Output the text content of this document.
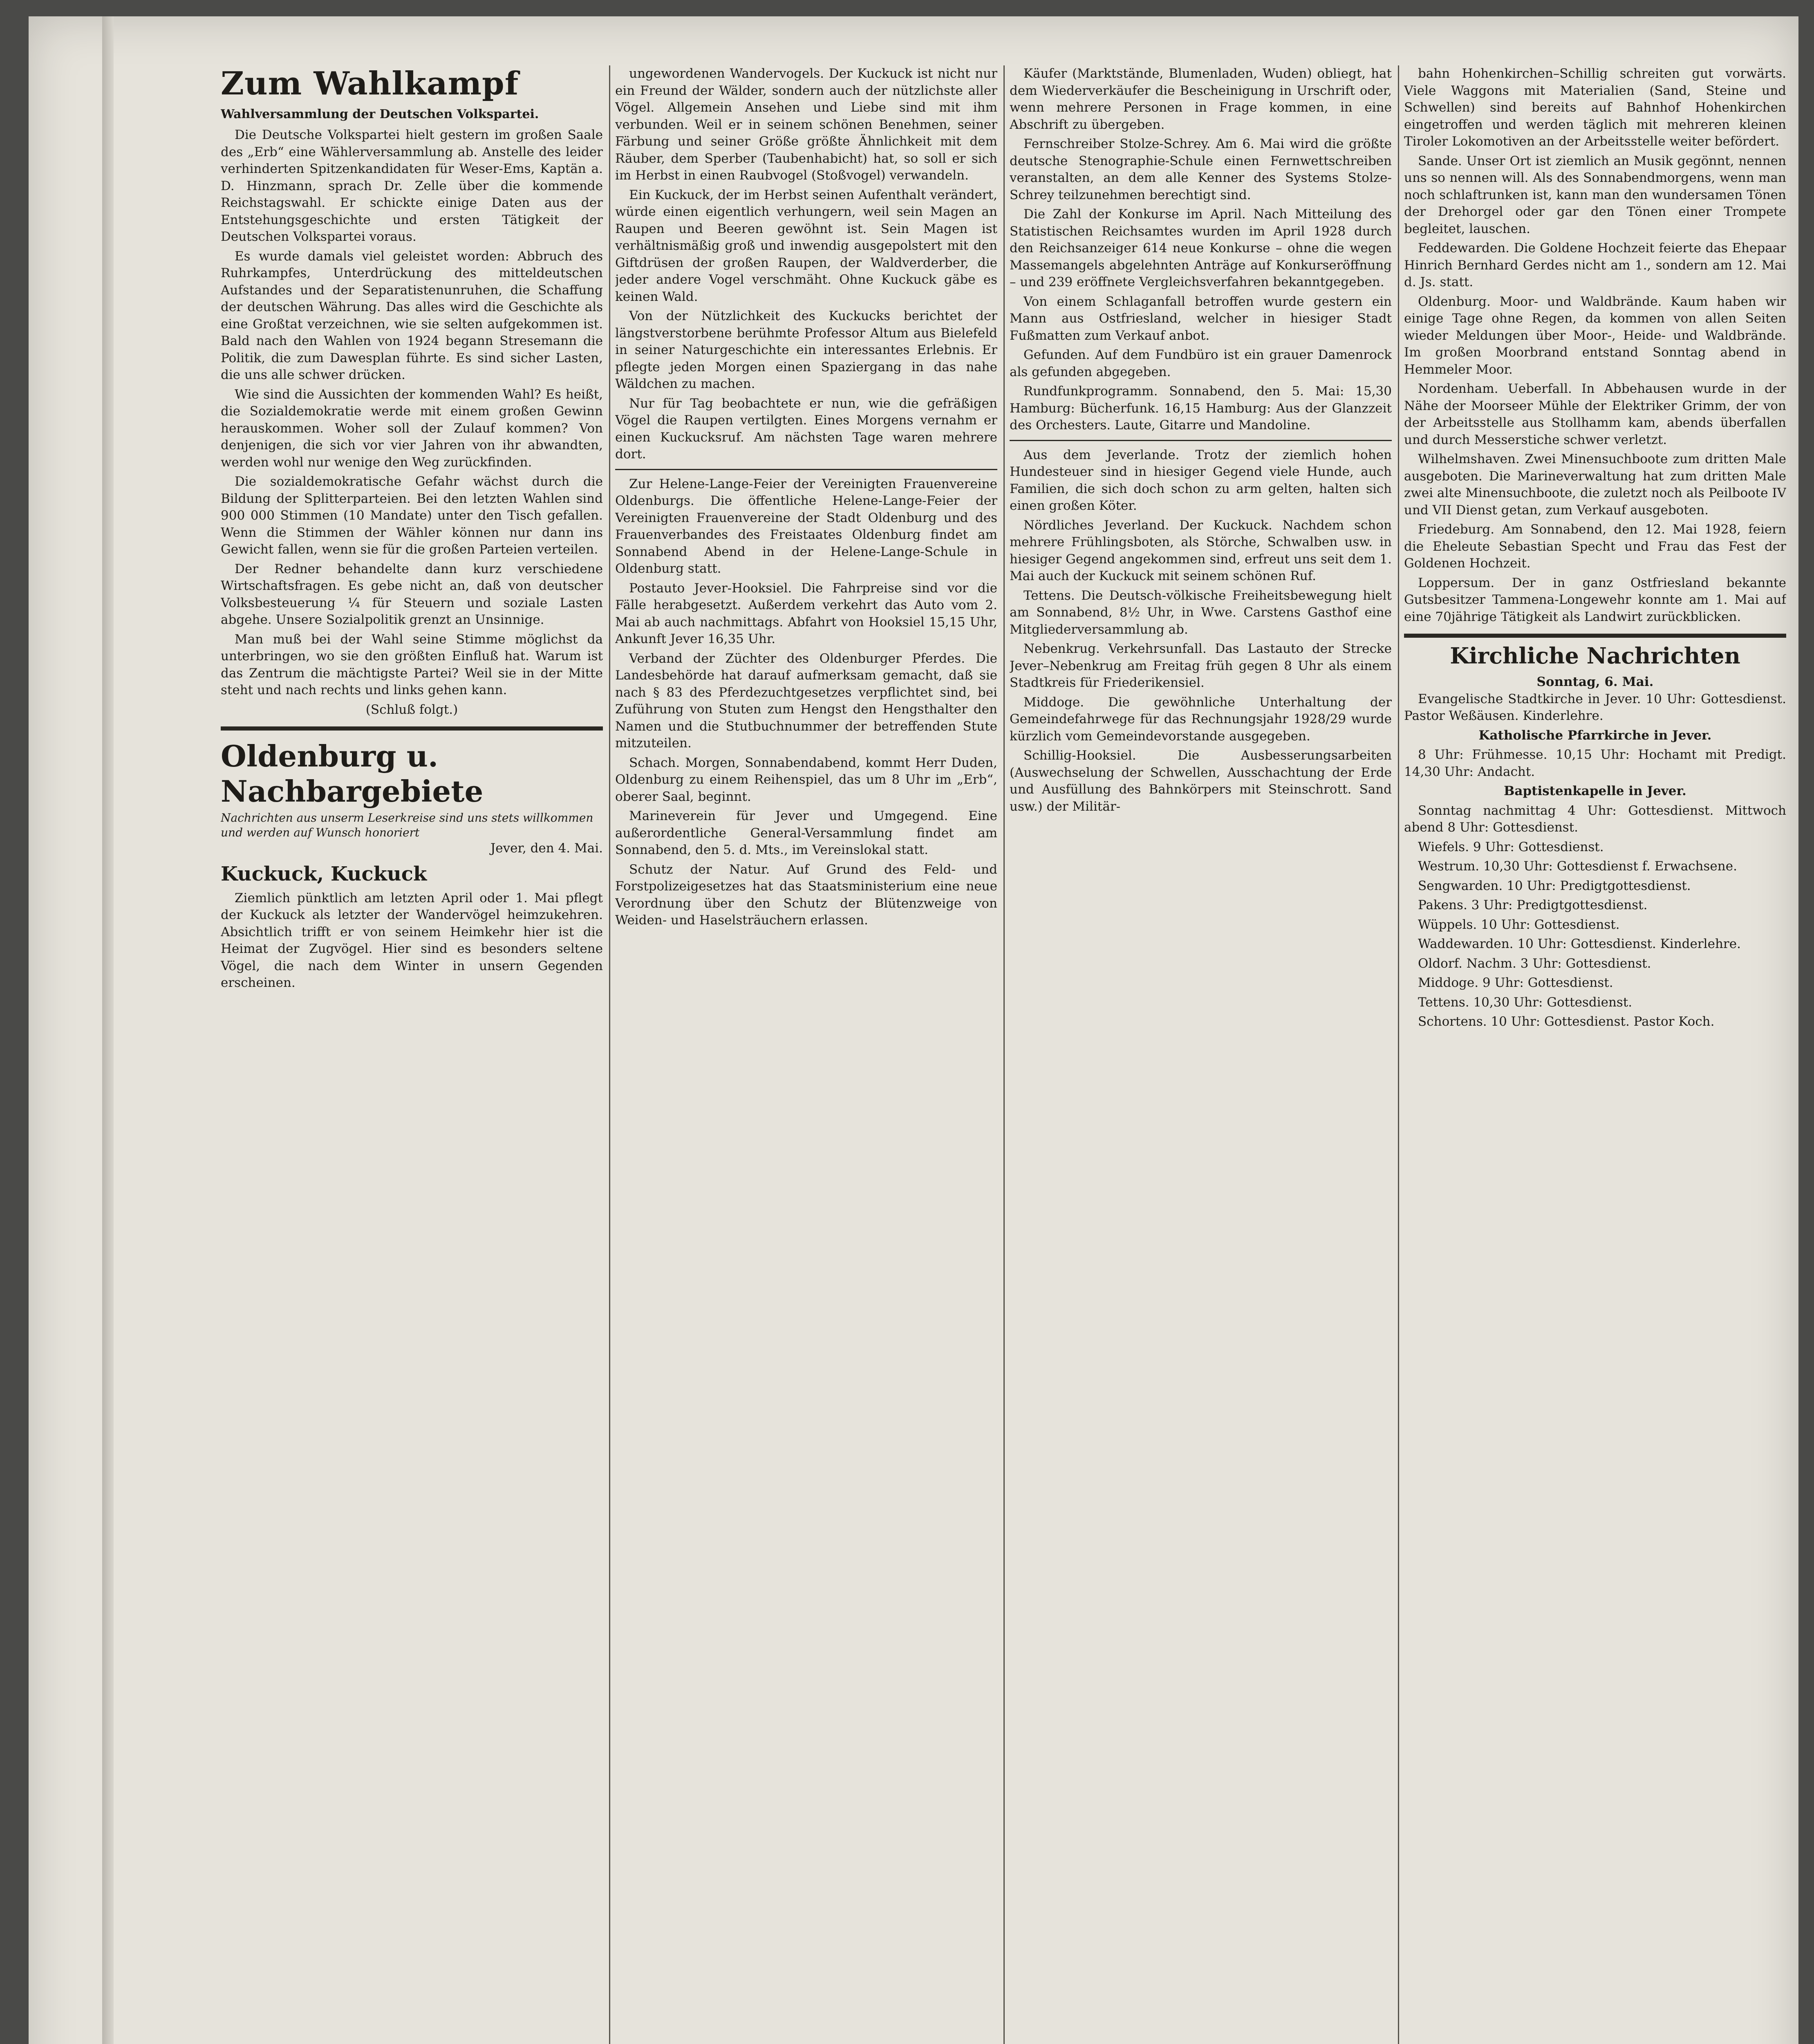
Zum Wahlkampf
Wahlversammlung der Deutschen Volkspartei.

Die Deutsche Volkspartei hielt gestern im großen Saale des „Erb“ eine Wählerversammlung ab. Anstelle des leider verhinderten Spitzenkandidaten für Weser-Ems, Kaptän a. D. Hinzmann, sprach Dr. Zelle über die kommende Reichstagswahl. Er schickte einige Daten aus der Entstehungsgeschichte und ersten Tätigkeit der Deutschen Volkspartei voraus.

Es wurde damals viel geleistet worden: Abbruch des Ruhrkampfes, Unterdrückung des mitteldeutschen Aufstandes und der Separatistenunruhen, die Schaffung der deutschen Währung. Das alles wird die Geschichte als eine Großtat verzeichnen, wie sie selten aufgekommen ist. Bald nach den Wahlen von 1924 begann Stresemann die Politik, die zum Dawesplan führte. Es sind sicher Lasten, die uns alle schwer drücken.

Wie sind die Aussichten der kommenden Wahl? Es heißt, die Sozialdemokratie werde mit einem großen Gewinn herauskommen. Woher soll der Zulauf kommen? Von denjenigen, die sich vor vier Jahren von ihr abwandten, werden wohl nur wenige den Weg zurückfinden.

Die sozialdemokratische Gefahr wächst durch die Bildung der Splitterparteien. Bei den letzten Wahlen sind 900 000 Stimmen (10 Mandate) unter den Tisch gefallen. Wenn die Stimmen der Wähler können nur dann ins Gewicht fallen, wenn sie für die großen Parteien verteilen.

Der Redner behandelte dann kurz verschiedene Wirtschaftsfragen. Es gebe nicht an, daß von deutscher Volksbesteuerung ¼ für Steuern und soziale Lasten abgehe. Unsere Sozialpolitik grenzt an Unsinnige.

Man muß bei der Wahl seine Stimme möglichst da unterbringen, wo sie den größten Einfluß hat. Warum ist das Zentrum die mächtigste Partei? Weil sie in der Mitte steht und nach rechts und links gehen kann.

(Schluß folgt.)

Oldenburg u. Nachbargebiete
Nachrichten aus unserm Leserkreise sind uns stets willkommen und werden auf Wunsch honoriert
Jever, den 4. Mai.
Kuckuck, Kuckuck

Ziemlich pünktlich am letzten April oder 1. Mai pflegt der Kuckuck als letzter der Wandervögel heimzukehren. Absichtlich trifft er von seinem Heimkehr hier ist die Heimat der Zugvögel. Hier sind es besonders seltene Vögel, die nach dem Winter in unsern Gegenden erscheinen.

ungewordenen Wandervogels. Der Kuckuck ist nicht nur ein Freund der Wälder, sondern auch der nützlichste aller Vögel. Allgemein Ansehen und Liebe sind mit ihm verbunden. Weil er in seinem schönen Benehmen, seiner Färbung und seiner Größe größte Ähnlichkeit mit dem Räuber, dem Sperber (Taubenhabicht) hat, so soll er sich im Herbst in einen Raubvogel (Stoßvogel) verwandeln.

Ein Kuckuck, der im Herbst seinen Aufenthalt verändert, würde einen eigentlich verhungern, weil sein Magen an Raupen und Beeren gewöhnt ist. Sein Magen ist verhältnismäßig groß und inwendig ausgepolstert mit den Giftdrüsen der großen Raupen, der Waldverderber, die jeder andere Vogel verschmäht. Ohne Kuckuck gäbe es keinen Wald.

Von der Nützlichkeit des Kuckucks berichtet der längstverstorbene berühmte Professor Altum aus Bielefeld in seiner Naturgeschichte ein interessantes Erlebnis. Er pflegte jeden Morgen einen Spaziergang in das nahe Wäldchen zu machen.

Nur für Tag beobachtete er nun, wie die gefräßigen Vögel die Raupen vertilgten. Eines Morgens vernahm er einen Kuckucksruf. Am nächsten Tage waren mehrere dort.

Zur Helene-Lange-Feier der Vereinigten Frauenvereine Oldenburgs. Die öffentliche Helene-Lange-Feier der Vereinigten Frauenvereine der Stadt Oldenburg und des Frauenverbandes des Freistaates Oldenburg findet am Sonnabend Abend in der Helene-Lange-Schule in Oldenburg statt.

Postauto Jever-Hooksiel. Die Fahrpreise sind vor die Fälle herabgesetzt. Außerdem verkehrt das Auto vom 2. Mai ab auch nachmittags. Abfahrt von Hooksiel 15,15 Uhr, Ankunft Jever 16,35 Uhr.

Verband der Züchter des Oldenburger Pferdes. Die Landesbehörde hat darauf aufmerksam gemacht, daß sie nach § 83 des Pferdezuchtgesetzes verpflichtet sind, bei Zuführung von Stuten zum Hengst den Hengsthalter den Namen und die Stutbuchnummer der betreffenden Stute mitzuteilen.

Schach. Morgen, Sonnabendabend, kommt Herr Duden, Oldenburg zu einem Reihenspiel, das um 8 Uhr im „Erb“, oberer Saal, beginnt.

Marineverein für Jever und Umgegend. Eine außerordentliche General-Versammlung findet am Sonnabend, den 5. d. Mts., im Vereinslokal statt.

Schutz der Natur. Auf Grund des Feld- und Forstpolizeigesetzes hat das Staatsministerium eine neue Verordnung über den Schutz der Blütenzweige von Weiden- und Haselsträuchern erlassen.

Käufer (Marktstände, Blumenladen, Wuden) obliegt, hat dem Wiederverkäufer die Bescheinigung in Urschrift oder, wenn mehrere Personen in Frage kommen, in eine Abschrift zu übergeben.

Fernschreiber Stolze-Schrey. Am 6. Mai wird die größte deutsche Stenographie-Schule einen Fernwettschreiben veranstalten, an dem alle Kenner des Systems Stolze-Schrey teilzunehmen berechtigt sind.

Die Zahl der Konkurse im April. Nach Mitteilung des Statistischen Reichsamtes wurden im April 1928 durch den Reichsanzeiger 614 neue Konkurse – ohne die wegen Massemangels abgelehnten Anträge auf Konkurseröffnung – und 239 eröffnete Vergleichsverfahren bekanntgegeben.

Von einem Schlaganfall betroffen wurde gestern ein Mann aus Ostfriesland, welcher in hiesiger Stadt Fußmatten zum Verkauf anbot.

Gefunden. Auf dem Fundbüro ist ein grauer Damenrock als gefunden abgegeben.

Rundfunkprogramm. Sonnabend, den 5. Mai: 15,30 Hamburg: Bücherfunk. 16,15 Hamburg: Aus der Glanzzeit des Orchesters. Laute, Gitarre und Mandoline.

Aus dem Jeverlande. Trotz der ziemlich hohen Hundesteuer sind in hiesiger Gegend viele Hunde, auch Familien, die sich doch schon zu arm gelten, halten sich einen großen Köter.

Nördliches Jeverland. Der Kuckuck. Nachdem schon mehrere Frühlingsboten, als Störche, Schwalben usw. in hiesiger Gegend angekommen sind, erfreut uns seit dem 1. Mai auch der Kuckuck mit seinem schönen Ruf.

Tettens. Die Deutsch-völkische Freiheitsbewegung hielt am Sonnabend, 8½ Uhr, in Wwe. Carstens Gasthof eine Mitgliederversammlung ab.

Nebenkrug. Verkehrsunfall. Das Lastauto der Strecke Jever–Nebenkrug am Freitag früh gegen 8 Uhr als einem Stadtkreis für Friederikensiel.

Middoge. Die gewöhnliche Unterhaltung der Gemeindefahrwege für das Rechnungsjahr 1928/29 wurde kürzlich vom Gemeindevorstande ausgegeben.

Schillig-Hooksiel. Die Ausbesserungsarbeiten (Auswechselung der Schwellen, Ausschachtung der Erde und Ausfüllung des Bahnkörpers mit Steinschrott. Sand usw.) der Militär-

bahn Hohenkirchen–Schillig schreiten gut vorwärts. Viele Waggons mit Materialien (Sand, Steine und Schwellen) sind bereits auf Bahnhof Hohenkirchen eingetroffen und werden täglich mit mehreren kleinen Tiroler Lokomotiven an der Arbeitsstelle weiter befördert.

Sande. Unser Ort ist ziemlich an Musik gegönnt, nennen uns so nennen will. Als des Sonnabendmorgens, wenn man noch schlaftrunken ist, kann man den wundersamen Tönen der Drehorgel oder gar den Tönen einer Trompete begleitet, lauschen.

Feddewarden. Die Goldene Hochzeit feierte das Ehepaar Hinrich Bernhard Gerdes nicht am 1., sondern am 12. Mai d. Js. statt.

Oldenburg. Moor- und Waldbrände. Kaum haben wir einige Tage ohne Regen, da kommen von allen Seiten wieder Meldungen über Moor-, Heide- und Waldbrände. Im großen Moorbrand entstand Sonntag abend in Hemmeler Moor.

Nordenham. Ueberfall. In Abbehausen wurde in der Nähe der Moorseer Mühle der Elektriker Grimm, der von der Arbeitsstelle aus Stollhamm kam, abends überfallen und durch Messerstiche schwer verletzt.

Wilhelmshaven. Zwei Minensuchboote zum dritten Male ausgeboten. Die Marineverwaltung hat zum dritten Male zwei alte Minensuchboote, die zuletzt noch als Peilboote IV und VII Dienst getan, zum Verkauf ausgeboten.

Friedeburg. Am Sonnabend, den 12. Mai 1928, feiern die Eheleute Sebastian Specht und Frau das Fest der Goldenen Hochzeit.

Loppersum. Der in ganz Ostfriesland bekannte Gutsbesitzer Tammena-Longewehr konnte am 1. Mai auf eine 70jährige Tätigkeit als Landwirt zurückblicken.

Kirchliche Nachrichten
Sonntag, 6. Mai.

Evangelische Stadtkirche in Jever. 10 Uhr: Gottesdienst. Pastor Weßäusen. Kinderlehre.

Katholische Pfarrkirche in Jever.

8 Uhr: Frühmesse. 10,15 Uhr: Hochamt mit Predigt. 14,30 Uhr: Andacht.

Baptistenkapelle in Jever.

Sonntag nachmittag 4 Uhr: Gottesdienst. Mittwoch abend 8 Uhr: Gottesdienst.

Wiefels. 9 Uhr: Gottesdienst.

Westrum. 10,30 Uhr: Gottesdienst f. Erwachsene.

Sengwarden. 10 Uhr: Predigtgottesdienst.

Pakens. 3 Uhr: Predigtgottesdienst.

Wüppels. 10 Uhr: Gottesdienst.

Waddewarden. 10 Uhr: Gottesdienst. Kinderlehre.

Oldorf. Nachm. 3 Uhr: Gottesdienst.

Middoge. 9 Uhr: Gottesdienst.

Tettens. 10,30 Uhr: Gottesdienst.

Schortens. 10 Uhr: Gottesdienst. Pastor Koch.
